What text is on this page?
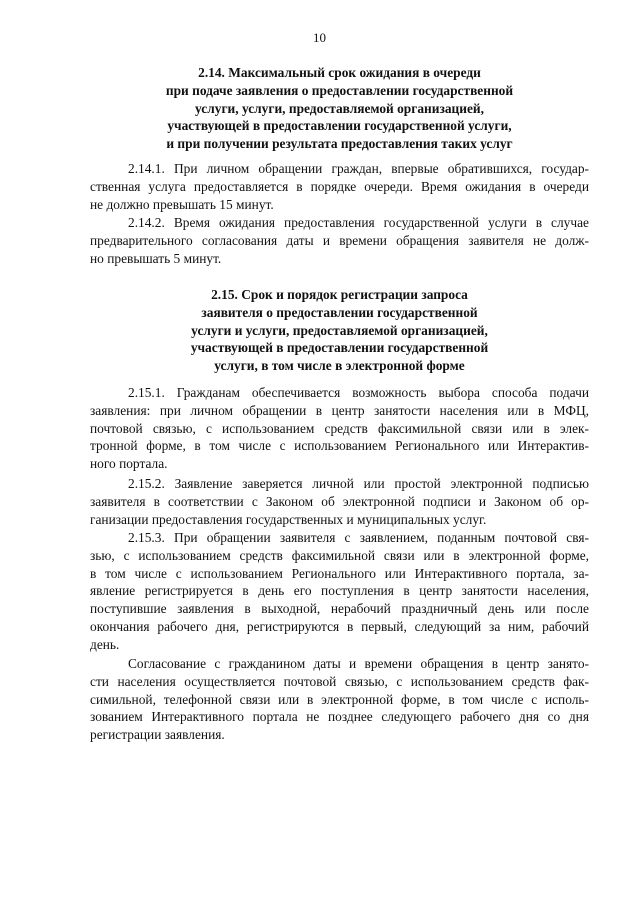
10
2.14. Максимальный срок ожидания в очереди
при подаче заявления о предоставлении государственной
услуги, услуги, предоставляемой организацией,
участвующей в предоставлении государственной услуги,
и при получении результата предоставления таких услуг
2.14.1. При личном обращении граждан, впервые обратившихся, государ-
ственная услуга предоставляется в порядке очереди. Время ожидания в очереди
не должно превышать 15 минут.
2.14.2. Время ожидания предоставления государственной услуги в случае
предварительного согласования даты и времени обращения заявителя не долж-
но превышать 5 минут.
2.15. Срок и порядок регистрации запроса
заявителя о предоставлении государственной
услуги и услуги, предоставляемой организацией,
участвующей в предоставлении государственной
услуги, в том числе в электронной форме
2.15.1. Гражданам обеспечивается возможность выбора способа подачи
заявления: при личном обращении в центр занятости населения или в МФЦ,
почтовой связью, с использованием средств факсимильной связи или в элек-
тронной форме, в том числе с использованием Регионального или Интерактив-
ного портала.
2.15.2. Заявление заверяется личной или простой электронной подписью
заявителя в соответствии с Законом об электронной подписи и Законом об ор-
ганизации предоставления государственных и муниципальных услуг.
2.15.3. При обращении заявителя с заявлением, поданным почтовой свя-
зью, с использованием средств факсимильной связи или в электронной форме,
в том числе с использованием Регионального или Интерактивного портала, за-
явление регистрируется в день его поступления в центр занятости населения,
поступившие заявления в выходной, нерабочий праздничный день или после
окончания рабочего дня, регистрируются в первый, следующий за ним, рабочий
день.
Согласование с гражданином даты и времени обращения в центр занято-
сти населения осуществляется почтовой связью, с использованием средств фак-
симильной, телефонной связи или в электронной форме, в том числе с исполь-
зованием Интерактивного портала не позднее следующего рабочего дня со дня
регистрации заявления.
